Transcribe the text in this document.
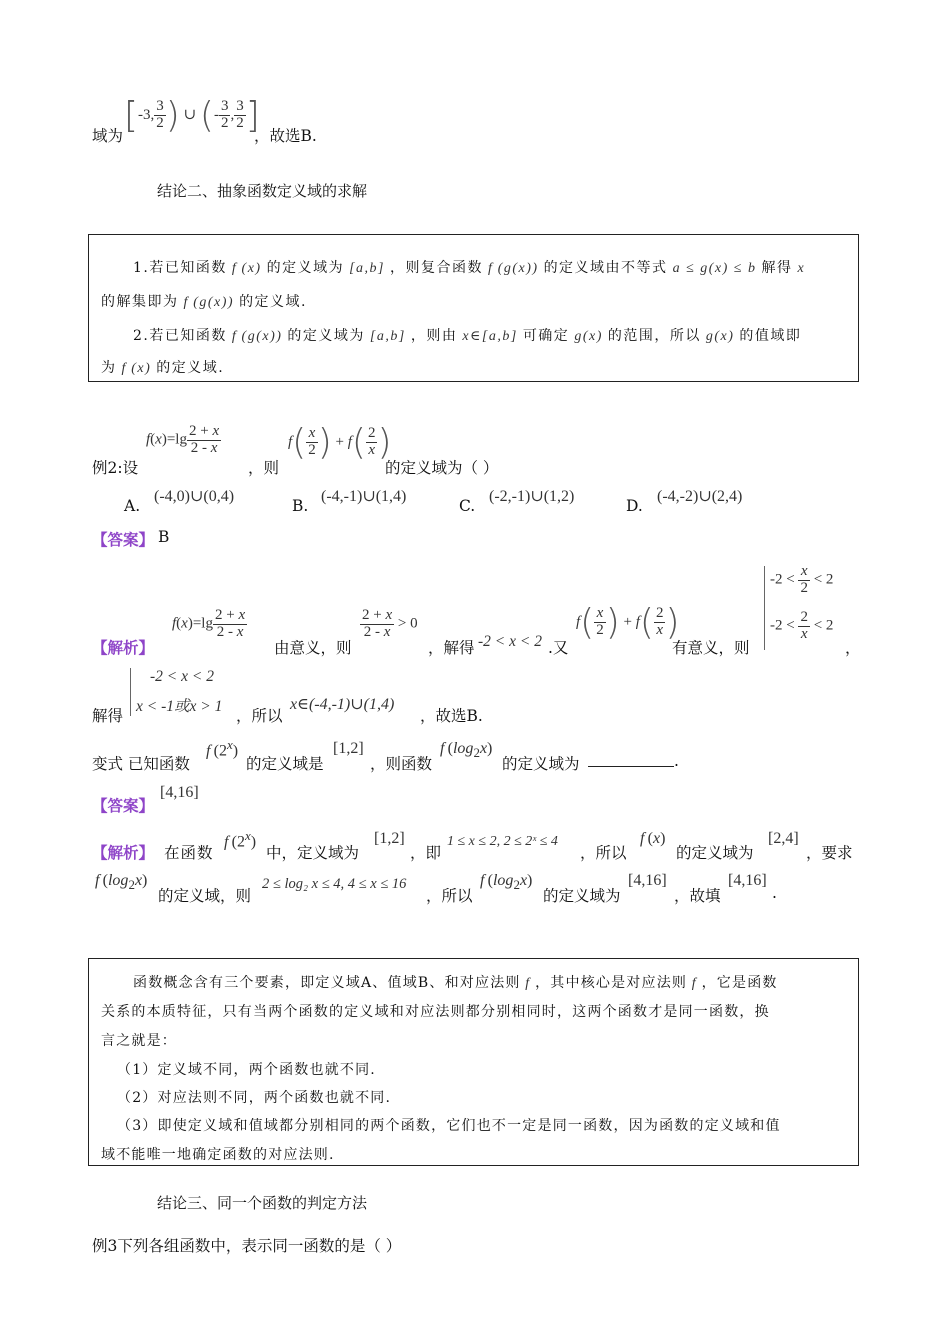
域为 [-3, $\frac{3}{2}$ ) ∪ (- $\frac{3}{2}$ , $\frac{3}{2}$ ]
，故选B.
结论二、抽象函数定义域的求解
1.若已知函数 f (x) 的定义域为 [a,b] ，则复合函数 f (g(x)) 的定义域由不等式 a ≤ g(x) ≤ b 解得 x
的解集即为 f (g(x)) 的定义域.
2.若已知函数 f (g(x)) 的定义域为 [a,b] ，则由 x∈[a,b] 可确定 g(x) 的范围，所以 g(x) 的值域即
为 f (x) 的定义域.
例2:设
$f(x)=\lg \frac{2 + x}{2 - x}$
，则
$f( \frac{x}{2}$ ) + $f( \frac{2}{x}$ )
的定义域为（ ）
A.
(-4,0)∪(0,4)
B.
(-4,-1)∪(1,4)
C.
(-2,-1)∪(1,2)
D.
(-4,-2)∪(2,4)
【答案】 B
【解析】
$f(x)=\lg \frac{2 + x}{2 - x}$
由意义，则
$\frac{2 + x}{2 - x} > 0$
，解得 -2 < x < 2 .又
$f( \frac{x}{2}$ ) + $f( \frac{2}{x}$ )
有意义，则
$-2 < \frac{x}{2} < 2$
$-2 < \frac{2}{x} < 2$
，
解得
-2 < x < 2
x < -1或x > 1
，所以
x∈(-4,-1)∪(1,4)
，故选B.
变式 已知函数
f (2$^x$)
的定义域是
[1,2]
，则函数
f $(\log_2x)$
的定义域为	.
【答案】
[4,16]
【解析】 在函数
f (2$^x$)
中，定义域为
[1,2]
，即
1 ≤ x ≤ 2, 2 ≤ 2ˣ ≤ 4
，所以
f (x)
的定义域为
[2,4]
，要求
f $(\log_2x)$
的定义域，则
2 ≤ log₂ x ≤ 4, 4 ≤ x ≤ 16
，所以
f $(\log_2x)$
的定义域为
[4,16]
，故填
[4,16]
.
函数概念含有三个要素，即定义域A、值域B、和对应法则 f ，其中核心是对应法则 f ，它是函数
关系的本质特征，只有当两个函数的定义域和对应法则都分别相同时，这两个函数才是同一函数，换
言之就是：
（1）定义域不同，两个函数也就不同.
（2）对应法则不同，两个函数也就不同.
（3）即使定义域和值域都分别相同的两个函数，它们也不一定是同一函数，因为函数的定义域和值
域不能唯一地确定函数的对应法则.
结论三、同一个函数的判定方法
例3下列各组函数中，表示同一函数的是（ ）
